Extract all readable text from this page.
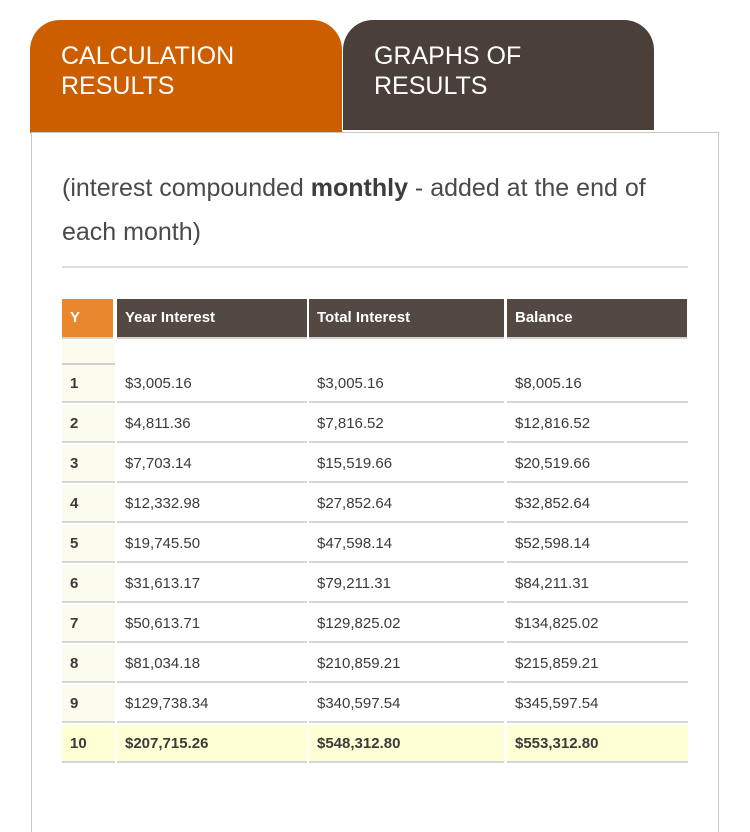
CALCULATION
RESULTS
GRAPHS OF
RESULTS
(interest compounded monthly - added at the end of each month)
Y	Year Interest	Total Interest	Balance
1	$3,005.16	$3,005.16	$8,005.16
2	$4,811.36	$7,816.52	$12,816.52
3	$7,703.14	$15,519.66	$20,519.66
4	$12,332.98	$27,852.64	$32,852.64
5	$19,745.50	$47,598.14	$52,598.14
6	$31,613.17	$79,211.31	$84,211.31
7	$50,613.71	$129,825.02	$134,825.02
8	$81,034.18	$210,859.21	$215,859.21
9	$129,738.34	$340,597.54	$345,597.54
10	$207,715.26	$548,312.80	$553,312.80
